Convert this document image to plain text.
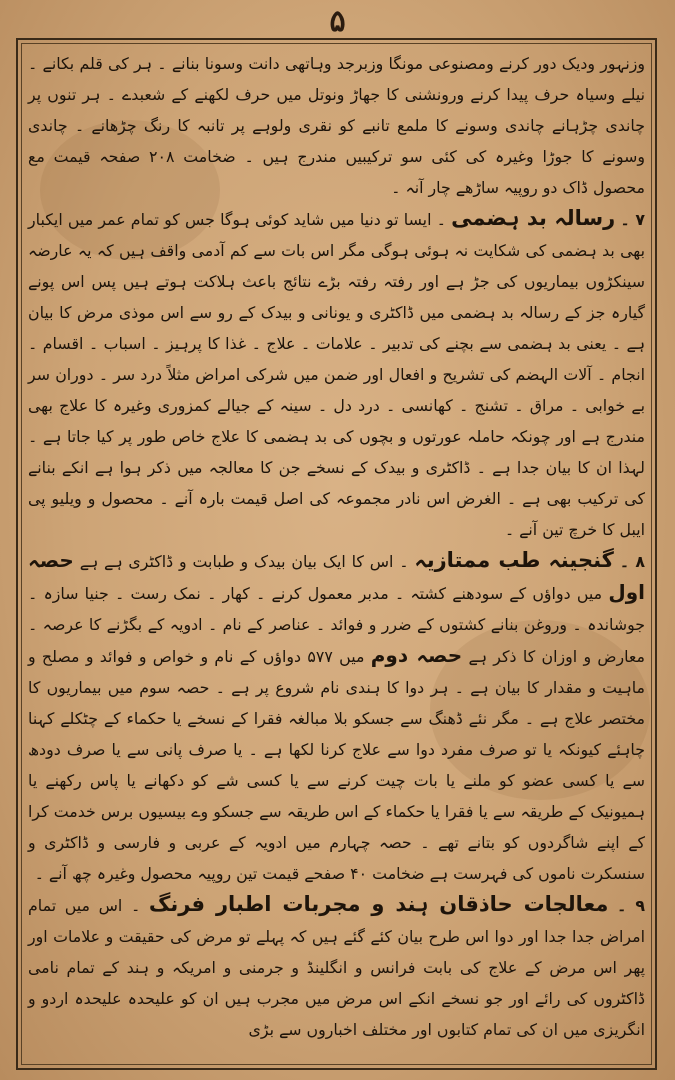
۵

وزنہور ودیک دور کرنے ومصنوعی مونگا وزبرجد وہاتھی دانت وسونا بنانے ۔ ہر کی قلم بکانے ۔ نیلے وسیاہ حرف پیدا کرنے ورونشنی کا جھاڑ ونوتل میں حرف لکھنے کے شعبدے ۔ ہر تنوں پر چاندی چڑہانے چاندی وسونے کا ملمع تانبے کو نقری ولوہے پر تانبہ کا رنگ چڑھانے ۔ چاندی وسونے کا جوڑا وغیرہ کی کئی سو ترکیبیں مندرج ہیں ۔ ضخامت ۲۰۸ صفحہ قیمت مع محصول ڈاک دو روپیہ ساڑھے چار آنہ ۔

۷ ۔ رسالہ بد ہضمی ۔ ایسا تو دنیا میں شاید کوئی ہوگا جس کو تمام عمر میں ایکبار بھی بد ہضمی کی شکایت نہ ہوئی ہوگی مگر اس بات سے کم آدمی واقف ہیں کہ یہ عارضہ سینکڑوں بیماریوں کی جڑ ہے اور رفتہ رفتہ بڑے نتائج باعث ہلاکت ہوتے ہیں پس اس پونے گیارہ جز کے رسالہ بد ہضمی میں ڈاکٹری و یونانی و بیدک کے رو سے اس موذی مرض کا بیان ہے ۔ یعنی بد ہضمی سے بچنے کی تدبیر ۔ علامات ۔ علاج ۔ غذا کا پرہیز ۔ اسباب ۔ اقسام ۔ انجام ۔ آلات الہضم کی تشریح و افعال اور ضمن میں شرکی امراض مثلاً درد سر ۔ دوران سر بے خوابی ۔ مراق ۔ تشنج ۔ کھانسی ۔ درد دل ۔ سینہ کے جیالے کمزوری وغیرہ کا علاج بھی مندرج ہے اور چونکہ حاملہ عورتوں و بچوں کی بد ہضمی کا علاج خاص طور پر کیا جاتا ہے ۔ لہذا ان کا بیان جدا ہے ۔ ڈاکٹری و بیدک کے نسخے جن کا معالجہ میں ذکر ہوا ہے انکے بنانے کی ترکیب بھی ہے ۔ الغرض اس نادر مجموعہ کی اصل قیمت بارہ آنے ۔ محصول و ویلیو پی ایبل کا خرچ تین آنے ۔

۸ ۔ گنجینہ طب ممتازیہ ۔ اس کا ایک بیان بیدک و طبابت و ڈاکٹری ہے ہے حصہ اول میں دواؤں کے سودھنے کشتہ ۔ مدبر معمول کرنے ۔ کھار ۔ نمک رست ۔ جنیا سازہ ۔ جوشاندہ ۔ وروغن بنانے کشتوں کے ضرر و فوائد ۔ عناصر کے نام ۔ ادویہ کے بگڑنے کا عرصہ ۔ معارض و اوزان کا ذکر ہے حصہ دوم میں ۵۷۷ دواؤں کے نام و خواص و فوائد و مصلح و ماہیت و مقدار کا بیان ہے ۔ ہر دوا کا ہندی نام شروع پر ہے ۔ حصہ سوم میں بیماریوں کا مختصر علاج ہے ۔ مگر نئے ڈھنگ سے جسکو بلا مبالغہ فقرا کے نسخے یا حکماء کے چٹکلے کہنا چاہئے کیونکہ یا تو صرف مفرد دوا سے علاج کرنا لکھا ہے ۔ یا صرف پانی سے یا صرف دودھ سے یا کسی عضو کو ملنے یا بات چیت کرنے سے یا کسی شے کو دکھانے یا پاس رکھنے یا ہمیونیک کے طریقہ سے یا فقرا یا حکماء کے اس طریقہ سے جسکو وے بیسیوں برس خدمت کرا کے اپنے شاگردوں کو بتانے تھے ۔ حصہ چہارم میں ادویہ کے عربی و فارسی و ڈاکٹری و سنسکرت ناموں کی فہرست ہے ضخامت ۴۰ صفحے قیمت تین روپیہ محصول وغیرہ چھ آنے ۔

۹ ۔ معالجات حاذقان ہند و مجربات اطبار فرنگ ۔ اس میں تمام امراض جدا جدا اور دوا اس طرح بیان کئے گئے ہیں کہ پہلے تو مرض کی حقیقت و علامات اور پھر اس مرض کے علاج کی بابت فرانس و انگلینڈ و جرمنی و امریکہ و ہند کے تمام نامی ڈاکٹروں کی رائے اور جو نسخے انکے اس مرض میں مجرب ہیں ان کو علیحدہ علیحدہ اردو و انگریزی میں ان کی تمام کتابوں اور مختلف اخباروں سے بڑی
